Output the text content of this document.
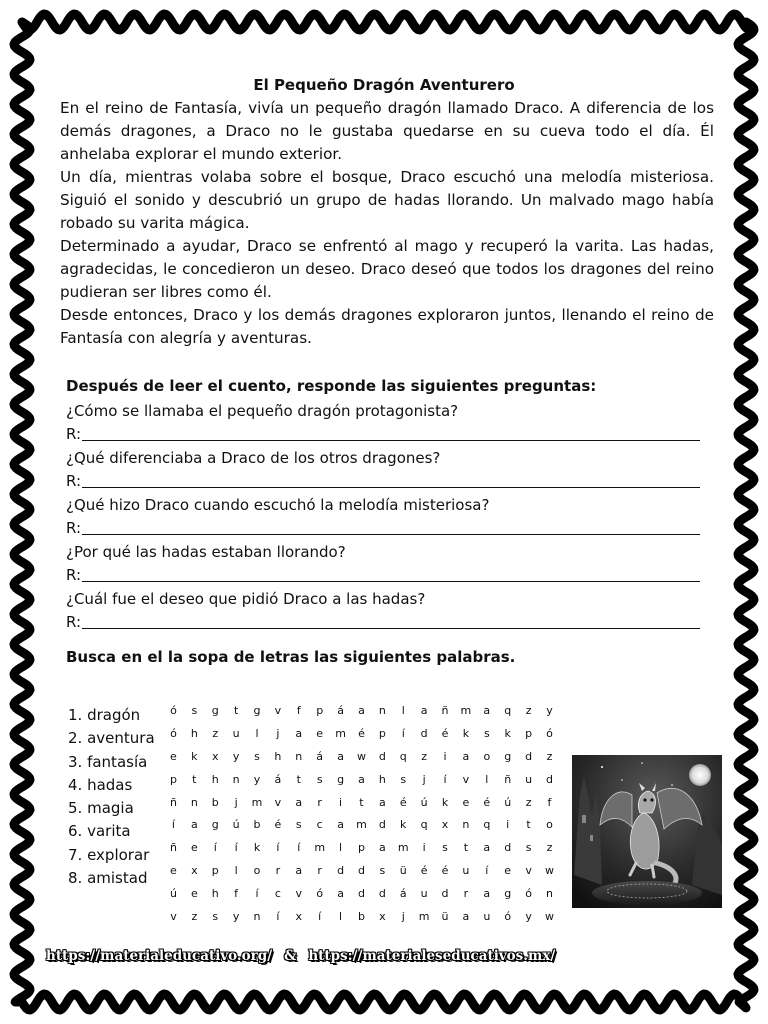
El Pequeño Dragón Aventurero

En el reino de Fantasía, vivía un pequeño dragón llamado Draco. A diferencia de los demás dragones, a Draco no le gustaba quedarse en su cueva todo el día. Él anhelaba explorar el mundo exterior.

Un día, mientras volaba sobre el bosque, Draco escuchó una melodía misteriosa. Siguió el sonido y descubrió un grupo de hadas llorando. Un malvado mago había robado su varita mágica.

Determinado a ayudar, Draco se enfrentó al mago y recuperó la varita. Las hadas, agradecidas, le concedieron un deseo. Draco deseó que todos los dragones del reino pudieran ser libres como él.

Desde entonces, Draco y los demás dragones exploraron juntos, llenando el reino de Fantasía con alegría y aventuras.

Después de leer el cuento, responde las siguientes preguntas:
¿Cómo se llamaba el pequeño dragón protagonista?
R:
¿Qué diferenciaba a Draco de los otros dragones?
R:
¿Qué hizo Draco cuando escuchó la melodía misteriosa?
R:
¿Por qué las hadas estaban llorando?
R:
¿Cuál fue el deseo que pidió Draco a las hadas?
R:
Busca en el la sopa de letras las siguientes palabras.
1. dragón
2. aventura
3. fantasía
4. hadas
5. magia
6. varita
7. explorar
8. amistad
ó	s	g	t	g	v	f	p	á	a	n	l	a	ñ	m	a	q	z	y
ó	h	z	u	l	j	a	e	m	é	p	í	d	é	k	s	k	p	ó
e	k	x	y	s	h	n	á	a	w	d	q	z	i	a	o	g	d	z
p	t	h	n	y	á	t	s	g	a	h	s	j	í	v	l	ñ	u	d
ñ	n	b	j	m	v	a	r	i	t	a	é	ú	k	e	é	ú	z	f
í	a	g	ú	b	é	s	c	a	m	d	k	q	x	n	q	i	t	o
ñ	e	í	í	k	í	í	m	l	p	a	m	i	s	t	a	d	s	z
e	x	p	l	o	r	a	r	d	d	s	ü	é	é	u	í	e	v	w
ú	e	h	f	í	c	v	ó	a	d	d	á	u	d	r	a	g	ó	n
v	z	s	y	n	í	x	í	l	b	x	j	m	ü	a	u	ó	y	w
https://materialeducativo.org/ & https://materialeseducativos.mx/
